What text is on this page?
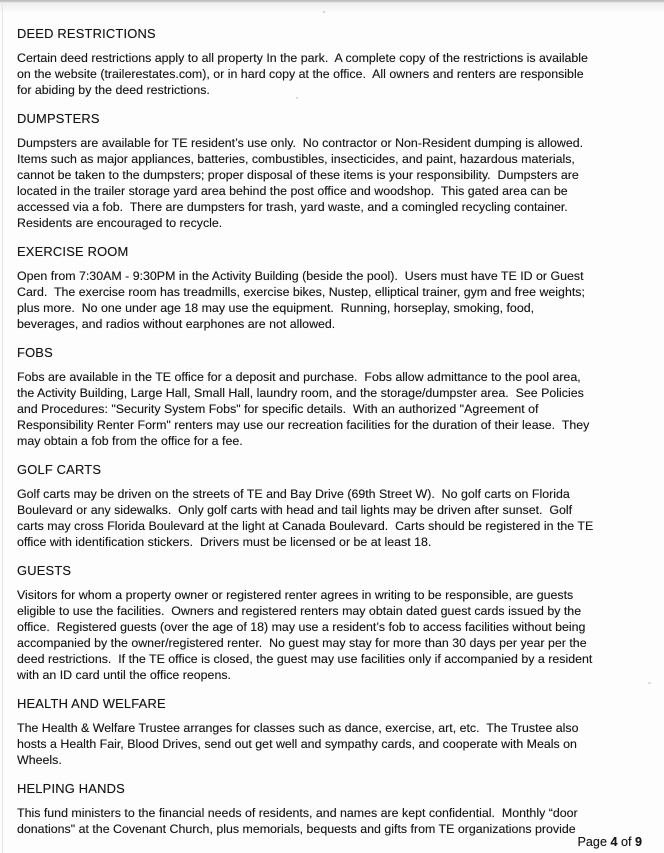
DEED RESTRICTIONS
Certain deed restrictions apply to all property In the park.  A complete copy of the restrictions is available
on the website (trailerestates.com), or in hard copy at the office.  All owners and renters are responsible
for abiding by the deed restrictions.
DUMPSTERS
Dumpsters are available for TE resident’s use only.  No contractor or Non-Resident dumping is allowed.
Items such as major appliances, batteries, combustibles, insecticides, and paint, hazardous materials,
cannot be taken to the dumpsters; proper disposal of these items is your responsibility.  Dumpsters are
located in the trailer storage yard area behind the post office and woodshop.  This gated area can be
accessed via a fob.  There are dumpsters for trash, yard waste, and a comingled recycling container.
Residents are encouraged to recycle.
EXERCISE ROOM
Open from 7:30AM - 9:30PM in the Activity Building (beside the pool).  Users must have TE ID or Guest
Card.  The exercise room has treadmills, exercise bikes, Nustep, elliptical trainer, gym and free weights;
plus more.  No one under age 18 may use the equipment.  Running, horseplay, smoking, food,
beverages, and radios without earphones are not allowed.
FOBS
Fobs are available in the TE office for a deposit and purchase.  Fobs allow admittance to the pool area,
the Activity Building, Large Hall, Small Hall, laundry room, and the storage/dumpster area.  See Policies
and Procedures: "Security System Fobs" for specific details.  With an authorized "Agreement of
Responsibility Renter Form" renters may use our recreation facilities for the duration of their lease.  They
may obtain a fob from the office for a fee.
GOLF CARTS
Golf carts may be driven on the streets of TE and Bay Drive (69th Street W).  No golf carts on Florida
Boulevard or any sidewalks.  Only golf carts with head and tail lights may be driven after sunset.  Golf
carts may cross Florida Boulevard at the light at Canada Boulevard.  Carts should be registered in the TE
office with identification stickers.  Drivers must be licensed or be at least 18.
GUESTS
Visitors for whom a property owner or registered renter agrees in writing to be responsible, are guests
eligible to use the facilities.  Owners and registered renters may obtain dated guest cards issued by the
office.  Registered guests (over the age of 18) may use a resident’s fob to access facilities without being
accompanied by the owner/registered renter.  No guest may stay for more than 30 days per year per the
deed restrictions.  If the TE office is closed, the guest may use facilities only if accompanied by a resident
with an ID card until the office reopens.
HEALTH AND WELFARE
The Health & Welfare Trustee arranges for classes such as dance, exercise, art, etc.  The Trustee also
hosts a Health Fair, Blood Drives, send out get well and sympathy cards, and cooperate with Meals on
Wheels.
HELPING HANDS
This fund ministers to the financial needs of residents, and names are kept confidential.  Monthly “door
donations" at the Covenant Church, plus memorials, bequests and gifts from TE organizations provide
Page 4 of 9
